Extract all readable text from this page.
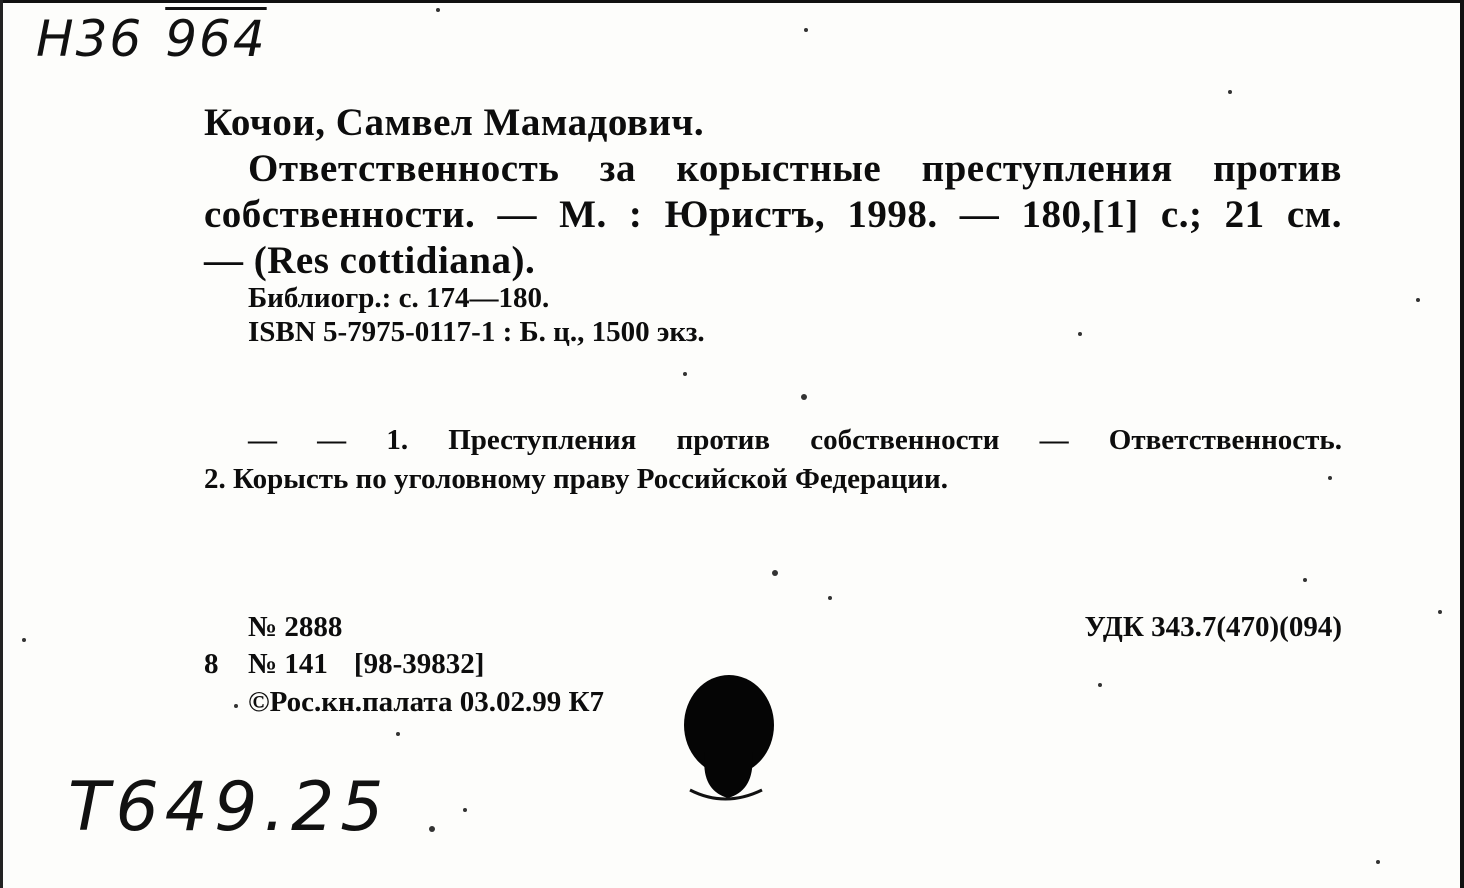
Н36 964
Кочои, Самвел Мамадович.
Ответственность за корыстные преступления против
собственности. — М. : Юристъ, 1998. — 180,[1] с.; 21 см.
— (Res cottidiana).
Библиогр.: с. 174—180.
ISBN 5-7975-0117-1 : Б. ц., 1500 экз.
— — 1. Преступления против собственности — Ответственность.
2. Корысть по уголовному праву Российской Федерации.
№ 2888	УДК 343.7(470)(094)
8 № 141 [98-39832]
©Рос.кн.палата 03.02.99 К7
Т649.25
